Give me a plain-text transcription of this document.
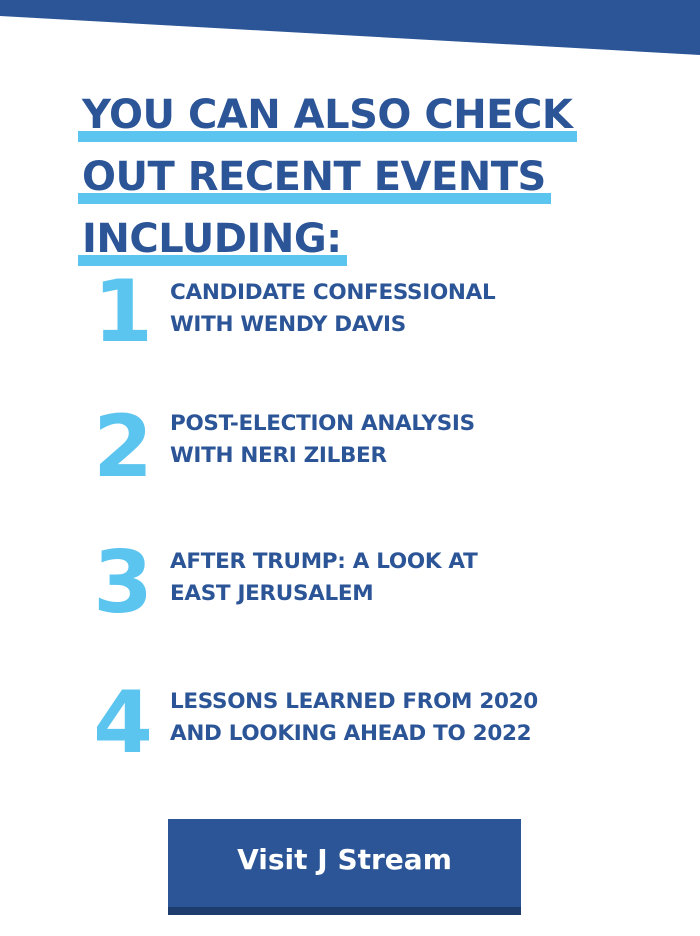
YOU CAN ALSO CHECK
OUT RECENT EVENTS
INCLUDING:
1 CANDIDATE CONFESSIONAL
WITH WENDY DAVIS
2 POST-ELECTION ANALYSIS
WITH NERI ZILBER
3 AFTER TRUMP: A LOOK AT
EAST JERUSALEM
4 LESSONS LEARNED FROM 2020
AND LOOKING AHEAD TO 2022
Visit J Stream
